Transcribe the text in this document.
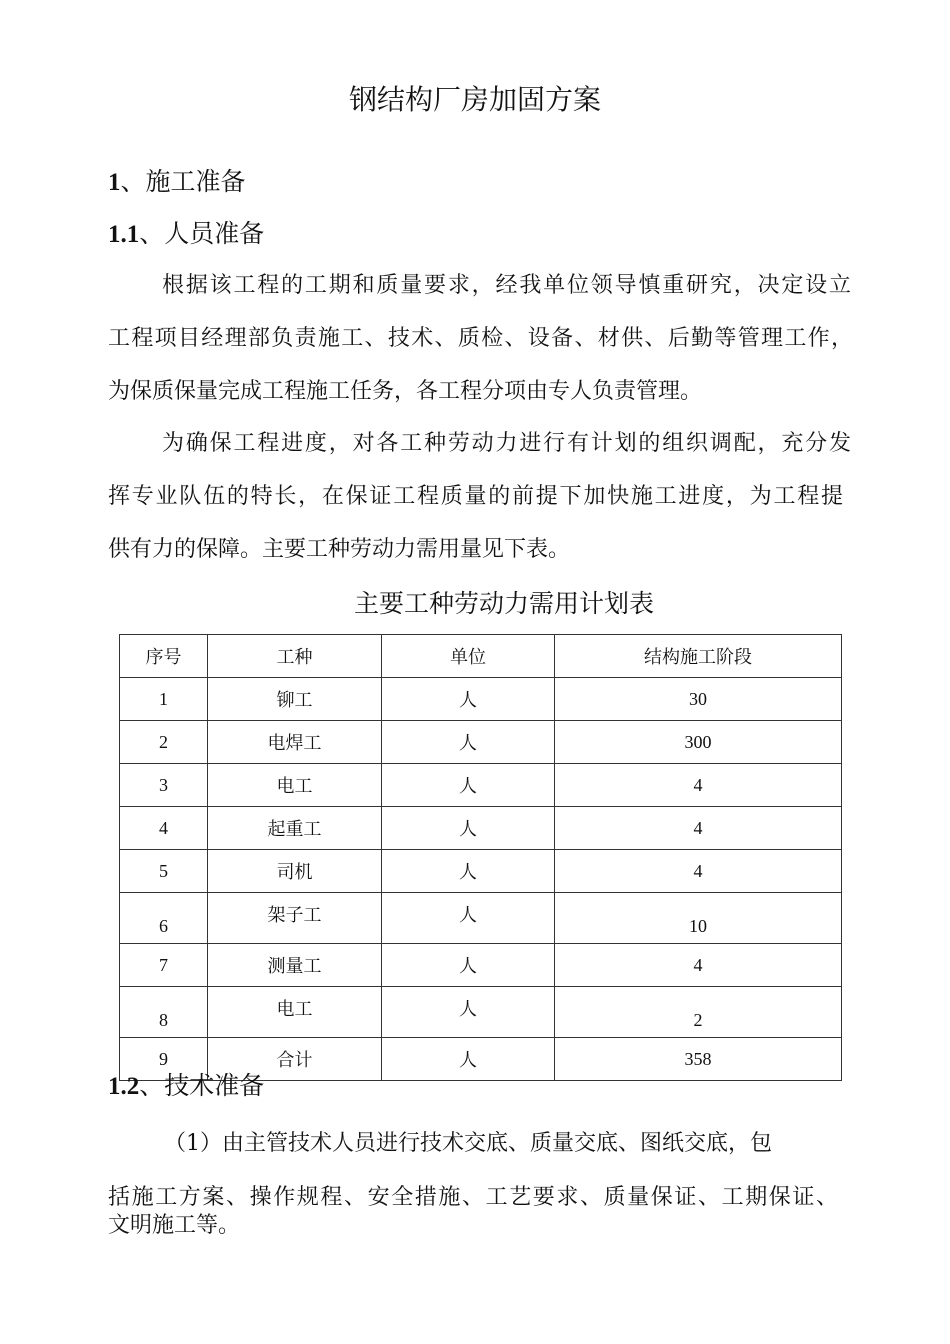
钢结构厂房加固方案
1、施工准备
1.1、人员准备
根据该工程的工期和质量要求，经我单位领导慎重研究，决定设立
工程项目经理部负责施工、技术、质检、设备、材供、后勤等管理工作，
为保质保量完成工程施工任务，各工程分项由专人负责管理。
为确保工程进度，对各工种劳动力进行有计划的组织调配，充分发
挥专业队伍的特长，在保证工程质量的前提下加快施工进度，为工程提
供有力的保障。主要工种劳动力需用量见下表。
主要工种劳动力需用计划表
序号	工种	单位	结构施工阶段
1	铆工	人	30
2	电焊工	人	300
3	电工	人	4
4	起重工	人	4
5	司机	人	4
6	架子工	人	10
7	测量工	人	4
8	电工	人	2
9	合计	人	358
1.2、技术准备
（1）由主管技术人员进行技术交底、质量交底、图纸交底，包
括施工方案、操作规程、安全措施、工艺要求、质量保证、工期保证、
文明施工等。
